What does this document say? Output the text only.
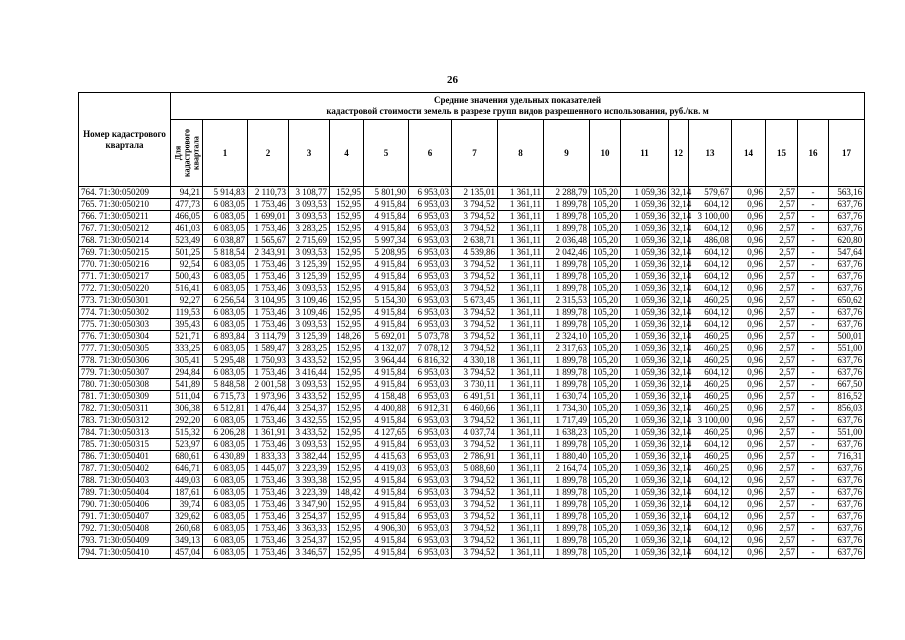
26
Номер кадастрового квартала	Средние значения удельных показателей
кадастровой стоимости земель в разрезе групп видов разрешенного использования, руб./кв. м																	

	Для кадастрового квартала	1	2	3	4	5	6	7	8	9	10	11	12	13	14	15	16	17
764. 71:30:050209	94,21	5 914,83	2 110,73	3 108,77	152,95	5 801,90	6 953,03	2 135,01	1 361,11	2 288,79	105,20	1 059,36	32,14	579,67	0,96	2,57	-	563,16
765. 71:30:050210	477,73	6 083,05	1 753,46	3 093,53	152,95	4 915,84	6 953,03	3 794,52	1 361,11	1 899,78	105,20	1 059,36	32,14	604,12	0,96	2,57	-	637,76
766. 71:30:050211	466,05	6 083,05	1 699,01	3 093,53	152,95	4 915,84	6 953,03	3 794,52	1 361,11	1 899,78	105,20	1 059,36	32,14	3 100,00	0,96	2,57	-	637,76
767. 71:30:050212	461,03	6 083,05	1 753,46	3 283,25	152,95	4 915,84	6 953,03	3 794,52	1 361,11	1 899,78	105,20	1 059,36	32,14	604,12	0,96	2,57	-	637,76
768. 71:30:050214	523,49	6 038,87	1 565,67	2 715,69	152,95	5 997,34	6 953,03	2 638,71	1 361,11	2 036,48	105,20	1 059,36	32,14	486,08	0,96	2,57	-	620,80
769. 71:30:050215	501,25	5 818,54	2 343,91	3 093,53	152,95	5 208,95	6 953,03	4 539,86	1 361,11	2 042,46	105,20	1 059,36	32,14	604,12	0,96	2,57	-	547,64
770. 71:30:050216	92,54	6 083,05	1 753,46	3 125,39	152,95	4 915,84	6 953,03	3 794,52	1 361,11	1 899,78	105,20	1 059,36	32,14	604,12	0,96	2,57	-	637,76
771. 71:30:050217	500,43	6 083,05	1 753,46	3 125,39	152,95	4 915,84	6 953,03	3 794,52	1 361,11	1 899,78	105,20	1 059,36	32,14	604,12	0,96	2,57	-	637,76
772. 71:30:050220	516,41	6 083,05	1 753,46	3 093,53	152,95	4 915,84	6 953,03	3 794,52	1 361,11	1 899,78	105,20	1 059,36	32,14	604,12	0,96	2,57	-	637,76
773. 71:30:050301	92,27	6 256,54	3 104,95	3 109,46	152,95	5 154,30	6 953,03	5 673,45	1 361,11	2 315,53	105,20	1 059,36	32,14	460,25	0,96	2,57	-	650,62
774. 71:30:050302	119,53	6 083,05	1 753,46	3 109,46	152,95	4 915,84	6 953,03	3 794,52	1 361,11	1 899,78	105,20	1 059,36	32,14	604,12	0,96	2,57	-	637,76
775. 71:30:050303	395,43	6 083,05	1 753,46	3 093,53	152,95	4 915,84	6 953,03	3 794,52	1 361,11	1 899,78	105,20	1 059,36	32,14	604,12	0,96	2,57	-	637,76
776. 71:30:050304	521,71	6 893,84	3 114,79	3 125,39	148,26	5 692,01	5 073,78	3 794,52	1 361,11	2 324,10	105,20	1 059,36	32,14	460,25	0,96	2,57	-	500,01
777. 71:30:050305	333,25	6 083,05	1 589,47	3 283,25	152,95	4 132,07	7 078,12	3 794,52	1 361,11	2 317,63	105,20	1 059,36	32,14	460,25	0,96	2,57	-	551,00
778. 71:30:050306	305,41	5 295,48	1 750,93	3 433,52	152,95	3 964,44	6 816,32	4 330,18	1 361,11	1 899,78	105,20	1 059,36	32,14	460,25	0,96	2,57	-	637,76
779. 71:30:050307	294,84	6 083,05	1 753,46	3 416,44	152,95	4 915,84	6 953,03	3 794,52	1 361,11	1 899,78	105,20	1 059,36	32,14	604,12	0,96	2,57	-	637,76
780. 71:30:050308	541,89	5 848,58	2 001,58	3 093,53	152,95	4 915,84	6 953,03	3 730,11	1 361,11	1 899,78	105,20	1 059,36	32,14	460,25	0,96	2,57	-	667,50
781. 71:30:050309	511,04	6 715,73	1 973,96	3 433,52	152,95	4 158,48	6 953,03	6 491,51	1 361,11	1 630,74	105,20	1 059,36	32,14	460,25	0,96	2,57	-	816,52
782. 71:30:050311	306,38	6 512,81	1 476,44	3 254,37	152,95	4 400,88	6 912,31	6 460,66	1 361,11	1 734,30	105,20	1 059,36	32,14	460,25	0,96	2,57	-	856,03
783. 71:30:050312	292,20	6 083,05	1 753,46	3 432,55	152,95	4 915,84	6 953,03	3 794,52	1 361,11	1 717,49	105,20	1 059,36	32,14	3 100,00	0,96	2,57	-	637,76
784. 71:30:050313	515,32	6 206,28	1 361,91	3 433,52	152,95	4 127,65	6 953,03	4 037,74	1 361,11	1 638,23	105,20	1 059,36	32,14	460,25	0,96	2,57	-	551,00
785. 71:30:050315	523,97	6 083,05	1 753,46	3 093,53	152,95	4 915,84	6 953,03	3 794,52	1 361,11	1 899,78	105,20	1 059,36	32,14	604,12	0,96	2,57	-	637,76
786. 71:30:050401	680,61	6 430,89	1 833,33	3 382,44	152,95	4 415,63	6 953,03	2 786,91	1 361,11	1 880,40	105,20	1 059,36	32,14	460,25	0,96	2,57	-	716,31
787. 71:30:050402	646,71	6 083,05	1 445,07	3 223,39	152,95	4 419,03	6 953,03	5 088,60	1 361,11	2 164,74	105,20	1 059,36	32,14	460,25	0,96	2,57	-	637,76
788. 71:30:050403	449,03	6 083,05	1 753,46	3 393,38	152,95	4 915,84	6 953,03	3 794,52	1 361,11	1 899,78	105,20	1 059,36	32,14	604,12	0,96	2,57	-	637,76
789. 71:30:050404	187,61	6 083,05	1 753,46	3 223,39	148,42	4 915,84	6 953,03	3 794,52	1 361,11	1 899,78	105,20	1 059,36	32,14	604,12	0,96	2,57	-	637,76
790. 71:30:050406	39,74	6 083,05	1 753,46	3 347,90	152,95	4 915,84	6 953,03	3 794,52	1 361,11	1 899,78	105,20	1 059,36	32,14	604,12	0,96	2,57	-	637,76
791. 71:30:050407	329,62	6 083,05	1 753,46	3 254,37	152,95	4 915,84	6 953,03	3 794,52	1 361,11	1 899,78	105,20	1 059,36	32,14	604,12	0,96	2,57	-	637,76
792. 71:30:050408	260,68	6 083,05	1 753,46	3 363,33	152,95	4 906,30	6 953,03	3 794,52	1 361,11	1 899,78	105,20	1 059,36	32,14	604,12	0,96	2,57	-	637,76
793. 71:30:050409	349,13	6 083,05	1 753,46	3 254,37	152,95	4 915,84	6 953,03	3 794,52	1 361,11	1 899,78	105,20	1 059,36	32,14	604,12	0,96	2,57	-	637,76
794. 71:30:050410	457,04	6 083,05	1 753,46	3 346,57	152,95	4 915,84	6 953,03	3 794,52	1 361,11	1 899,78	105,20	1 059,36	32,14	604,12	0,96	2,57	-	637,76
